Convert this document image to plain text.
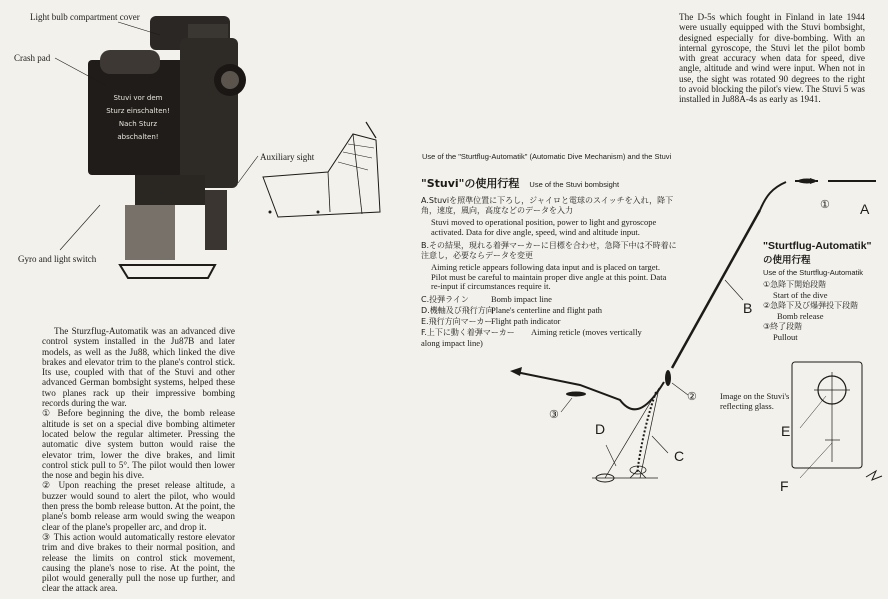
Stuvi vor dem
Sturz einschalten!
Nach Sturz
abschalten!
Light bulb compartment cover
Crash pad
Auxiliary sight
Gyro and light switch
The D-5s which fought in Finland in late 1944 were usually equipped with the Stuvi bombsight, designed especially for dive-bombing. With an internal gyroscope, the Stuvi let the pilot bomb with great accuracy when data for speed, dive angle, altitude and wind were input. When not in use, the sight was rotated 90 degrees to the right to avoid blocking the pilot's view. The Stuvi 5 was installed in Ju88A-4s as early as 1941.
Use of the "Sturtflug-Automatik" (Automatic Dive Mechanism) and the Stuvi
"Stuvi"の使用行程 Use of the Stuvi bombsight
A.Stuviを照準位置に下ろし，ジャイロと電球のスイッチを入れ，降下角，速度，風向，高度などのデータを入力
Stuvi moved to operational position, power to light and gyroscope activated. Data for dive angle, speed, wind and altitude input.
B.その結果，現れる着弾マーカーに目標を合わせ，急降下中は不時着に注意し，必要ならデータを変更
Aiming reticle appears following data input and is placed on target. Pilot must be careful to maintain proper dive angle at this point. Data re-input if circumstances require it.
C.投弾ライン	Bomb impact line
D.機軸及び飛行方向Plane's centerline and flight path
E.飛行方向マーカーFlight path indicator
F.上下に動く着弾マーカー Aiming reticle (moves vertically along impact line)
"Sturtflug-Automatik"
の使用行程
Use of the Sturtflug-Automatik
①急降下開始段階
Start of the dive
②急降下及び爆弾投下段階
Bomb release
③終了段階
Pullout
Image on the Stuvi's reflecting glass.
A
B
C
D	E
F
①
②
③

The Sturzflug-Automatik was an advanced dive control system installed in the Ju87B and later models, as well as the Ju88, which linked the dive brakes and elevator trim to the plane's control stick. Its use, coupled with that of the Stuvi and other advanced German bombsight systems, helped these two planes rack up their impressive bombing records during the war.

① Before beginning the dive, the bomb release altitude is set on a special dive bombing altimeter located below the regular altimeter. Pressing the automatic dive system button would raise the elevator trim, lower the dive brakes, and limit control stick pull to 5°. The pilot would then lower the nose and begin his dive.

② Upon reaching the preset release altitude, a buzzer would sound to alert the pilot, who would then press the bomb release button. At the point, the plane's bomb release arm would swing the weapon clear of the plane's propeller arc, and drop it.

③ This action would automatically restore elevator trim and dive brakes to their normal position, and release the limits on control stick movement, causing the plane's nose to rise. At the point, the pilot would generally pull the nose up further, and clear the attack area.
